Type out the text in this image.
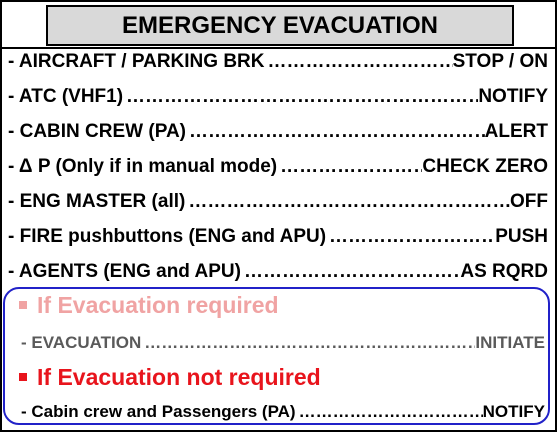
EMERGENCY EVACUATION
- AIRCRAFT / PARKING BRK ……………………………………………………………………………………………………………	STOP / ON
- ATC (VHF1) ……………………………………………………………………………………………………………	NOTIFY
- CABIN CREW (PA) ……………………………………………………………………………………………………………	ALERT
- Δ P (Only if in manual mode) ……………………………………………………………………………………………………………	CHECK ZERO
- ENG MASTER (all) ……………………………………………………………………………………………………………	OFF
- FIRE pushbuttons (ENG and APU) ……………………………………………………………………………………………………………	PUSH
- AGENTS (ENG and APU) ……………………………………………………………………………………………………………	AS RQRD
If Evacuation required
- EVACUATION ……………………………………………………………………………………………………………	INITIATE
If Evacuation not required
- Cabin crew and Passengers (PA) ……………………………………………………………………………………………………………	NOTIFY
